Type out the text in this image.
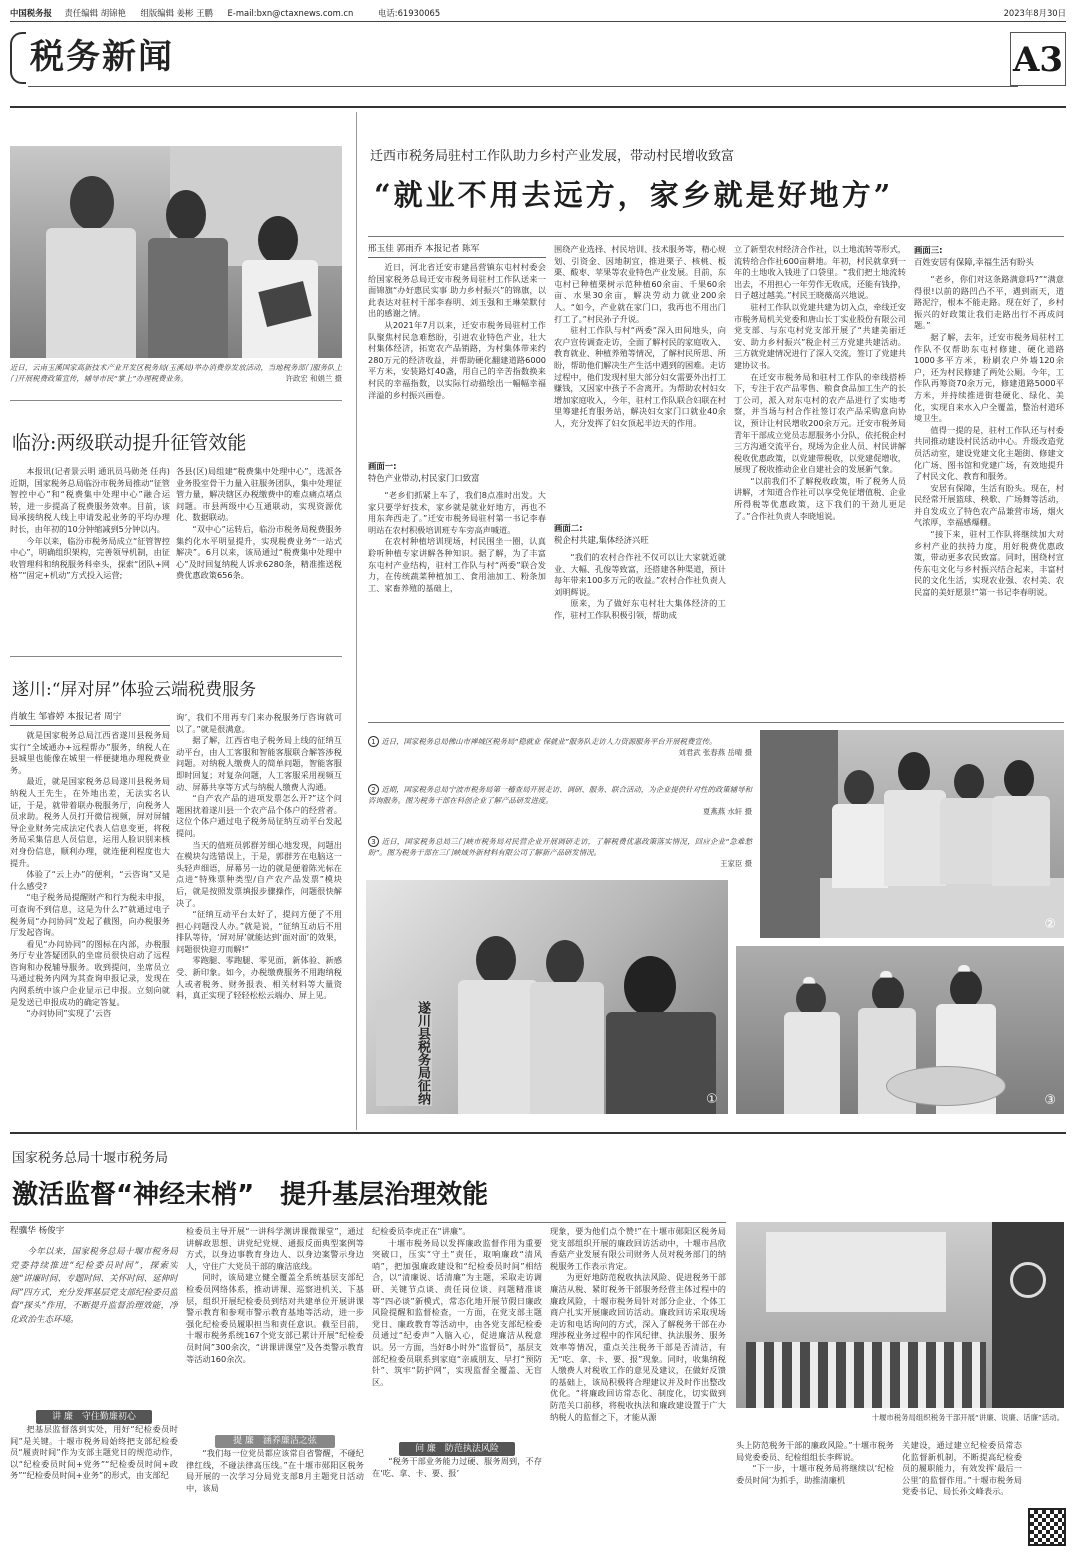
中国税务报 责任编辑 胡锦艳 组版编辑 姜彬 王鹏 E-mail:bxn@ctaxnews.com.cn	电话:61930065	2023年8月30日
税务新闻	A3
近日，云南玉溪国家高新技术产业开发区税务局(玉溪局)举办消费券发放活动，当地税务部门服务队上门开展税费政策宣传，辅导市民“掌上”办理税费业务。	许政宏 和娟兰 摄
临汾:两级联动提升征管效能

本报讯(记者景云明 通讯员马勋尧 任冉)近期，国家税务总局临汾市税务局推动“征管智控中心”和“税费集中处理中心”融合运转，进一步提高了税费服务效率。目前，该局承接纳税人线上申请发起业务的平均办理时长，由年初的10分钟缩减到5分钟以内。

今年以来，临汾市税务局成立“征管智控中心”，明确组织架构，完善领导机制，由征收管理科和纳税服务科牵头，探索“团队+网格”“固定+机动”方式投入运营;

各县(区)局组建“税费集中处理中心”，选派各业务股室骨干力量入驻服务团队，集中处理征管力量，解决辖区办税缴费中的难点痛点堵点问题。市县两级中心互通联动，实现资源优化、数据联动。

“双中心”运转后，临汾市税务局税费服务集约化水平明显提升，实现税费业务“一站式解决”。6月以来，该局通过“税费集中处理中心”及时回复纳税人诉求6280条，精准推送税费优惠政策656条。

遂川:“屏对屏”体验云端税费服务
肖敏生 邹睿婷 本报记者 周宁

就是国家税务总局江西省遂川县税务局实行“全域通办+远程帮办”服务，纳税人在县城里也能像在城里一样便捷地办理税费业务。

最近，就是国家税务总局遂川县税务局纳税人王先生，在外地出差，无法实名认证，于是，就带着联办税服务厅，向税务人员求助。税务人员打开微信视频，屏对屏辅导企业财务完成法定代表人信息变更，将税务局采集信息人员信息，运用人脸识别来核对身份信息，顺利办理，就连便利程度也大提升。

体验了“云上办”的便利，“云咨询”又是什么感受?

“电子税务局提醒财产和行为税未申报，可查询不到信息，这是为什么?”就通过电子税务局“办问协同”发起了截图，向办税服务厅发起咨询。

看见“办问协同”的图标在内部，办税服务厅专业答疑团队的坐席员很快启动了远程咨询和办税辅导服务。收到提问，坐席员立马通过税务内网为其查询申报记录，发现在内网系统中该户企业显示已申报。立刻向就是发送已申报成功的确定答复。

“办问协同”实现了‘云咨

询’，我们不用再专门来办税服务厅咨询就可以了。”就是很满意。

据了解，江西省电子税务局上线的征纳互动平台，由人工客服和智能客服联合解答涉税问题。对纳税人缴费人的简单问题，智能客服即时回复；对复杂问题，人工客服采用视频互动、屏幕共享等方式与纳税人缴费人沟通。

“自产农产品的进项发票怎么开?”这个问题困扰着遂川县一个农产品个体户的经营者。这位个体户通过电子税务局征纳互动平台发起提问。

当天的值班员郭群芳细心地发现，问题出在模块勾选错误上，于是，郭群芳在电脑这一头轻声细语，屏幕另一边的就是便着陈光标在点进“特殊票种类型/自产农产品发票”模块后，就是按照发票填报步骤操作，问题很快解决了。

“征纳互动平台太好了，提问方便了不用担心问题没人办。”就是说，“征纳互动后不用排队等待，‘屏对屏’就能达到‘面对面’的效果，问题很快迎刃而解!”

零跑腿、零跑腿、零见面，新体验、新感受、新印象。如今，办税缴费服务不用跑纳税人或者税务、财务报表、相关材料等大量资料，真正实现了轻轻松松云端办、屏上见。

迁西市税务局驻村工作队助力乡村产业发展，带动村民增收致富
“就业不用去远方，家乡就是好地方”
邢玉佳 郭雨乔 本报记者 陈军

近日，河北省迁安市建昌营镇东屯村村委会给国家税务总局迁安市税务局驻村工作队送来一面锦旗“办好惠民实事 助力乡村振兴”的锦旗，以此表达对驻村干部李春明、刘玉强和王琳荣默付出的感谢之情。

从2021年7月以来，迁安市税务局驻村工作队聚焦村民急难愁盼，引进农业特色产业，壮大村集体经济，拓宽农产品销路，为村集体带来约280万元的经济收益，并帮助硬化翻建道路6000平方米，安装路灯40盏，用自己的辛苦指数换来村民的幸福指数，以实际行动描绘出一幅幅幸福洋溢的乡村振兴画卷。

画面一:

特色产业带动,村民家门口致富

“老乡们抓紧上车了，我们8点准时出发。大家只要学好技术，家乡就是就业好地方，再也不用东奔西走了。”迁安市税务局驻村第一书记李春明站在农村积极培训班专车旁高声喊道。

在农村种植培训现场，村民围坐一圈，认真聆听种植专家讲解各种知识。据了解，为了丰富东屯村产业结构，驻村工作队与村“两委”联合发力，在传统蔬菜种植加工、食用油加工、粉条加工、家畜养殖的基础上，

围绕产业选择、村民培训、技术服务等，精心规划、引资金、因地制宜，推进栗子、核桃、板栗、酸枣、苹果等农业特色产业发展。目前，东屯村已种植栗树示范种植60余亩、千果60余亩、水果30余亩，解决劳动力就业200余人。“如今，产业就在家门口，我再也不用出门打工了。”村民孙子升说。

驻村工作队与村“两委”深入田间地头，向农户宣传调查走访，全面了解村民的家庭收入、教育就业、种植养殖等情况，了解村民所思、所盼，帮助他们解决生产生活中遇到的困难。走访过程中，他们发现村里大部分妇女需要外出打工赚钱，又因家中孩子不舍离开。为帮助农村妇女增加家庭收入，今年，驻村工作队联合妇联在村里筹建托育服务站，解决妇女家门口就业40余人，充分发挥了妇女顶起半边天的作用。

画面二:

税企村共建,集体经济兴旺

“我们的农村合作社不仅可以让大家就近就业、大幅、孔俊等致富，还搭建各种渠道，预计每年带来100多万元的收益。”农村合作社负责人刘明辉说。

原来，为了做好东屯村壮大集体经济的工作，驻村工作队积极引领，帮助成

立了新型农村经济合作社，以土地流转等形式，流转给合作社600亩耕地。年初，村民就拿到一年的土地收入钱进了口袋里。“我们把土地流转出去，不用担心一年劳作无收成，还能有钱挣，日子越过越美。”村民王晓薇高兴地说。

驻村工作队以党建共建为切入点，牵线迁安市税务局机关党委和唐山长丁实业股份有限公司党支部、与东屯村党支部开展了“共建美丽迁安、助力乡村振兴”税企村三方党建共建活动。三方就党建情况进行了深入交流，签订了党建共建协议书。

在迁安市税务局和驻村工作队的牵线搭桥下，专注于农产品零售、粮食食品加工生产的长丁公司，派入对东屯村的农产品进行了实地考察，并当场与村合作社签订农产品采购意向协议，预计让村民增收200余万元。迁安市税务局青年干部成立党员志愿服务小分队，依托税企村三方沟通交流平台，现场为企业人员、村民讲解税收优惠政策，以党建带税收，以党建促增收，展现了税收推动企业自建社会的发展新气象。

“以前我们不了解税收政策，听了税务人员讲解，才知道合作社可以享受免征增值税、企业所得税等优惠政策，这下我们的干劲儿更足了。”合作社负责人李晓旭说。

画面三:

百姓安居有保障,幸福生活有盼头

“老乡，你们对这条路满意吗?”“满意得很!以前的路凹凸不平，遇到雨天，道路泥泞，根本不能走路。现在好了，乡村振兴的好政策让我们走路出行不再成问题。”

据了解，去年，迁安市税务局驻村工作队不仅帮助东屯村修建、硬化道路1000多平方米，粉刷农户外墙120余户，还为村民修建了两处公厕。今年，工作队再筹资70余万元，修建道路5000平方米，并持续推进街巷硬化、绿化、美化，实现自来水入户全覆盖，整治村道环境卫生。

值得一提的是，驻村工作队还与村委共同推动建设村民活动中心。升级改造党员活动室，建设党建文化主题街、修建文化广场、图书馆和党建广场，有效地提升了村民文化、教育和服务。

安居有保障，生活有盼头。现在，村民经常开展篮球、秧歌、广场舞等活动，并自发成立了特色农产品兼营市场，烟火气浓厚，幸福感爆棚。

“接下来，驻村工作队将继续加大对乡村产业的扶持力度，用好税费优惠政策，带动更多农民致富。同时，围绕村宣传东屯文化与乡村振兴结合起来，丰富村民的文化生活，实现农业强、农村美、农民富的美好愿景!”第一书记李春明说。

1 近日，国家税务总局佛山市禅城区税务局“稳就业 保就业”服务队走访人力资源服务平台开展税费宣传。
刘君武 张春燕 岳晴 摄
2 近期，国家税务总局宁波市税务局第一稽查局开展走访、调研、服务、联合活动，为企业提供针对性的政策辅导和咨询服务。图为税务干部在科创企业了解产品研发进度。
夏燕燕 水轩 摄
3 近日，国家税务总局三门峡市税务局对民营企业开展调研走访，了解税费优惠政策落实情况，回应企业“急难愁盼”。图为税务干部在三门峡域外新材料有限公司了解新产品研发情况。
王家臣 摄
遂川县税务局征纳	①
②
③
国家税务总局十堰市税务局
激活监督“神经末梢”　提升基层治理效能
程骥华 杨俊宇
今年以来，国家税务总局十堰市税务局党委持续推进“纪检委员时间”，探索实施“讲廉时间、专题时间、关怀时间、延伸时间”四方式，充分发挥基层党支部纪检委员监督“探头”作用，不断提升监督治理效能，净化政治生态环境。
讲 廉　守住勤廉初心

把基层监督落到实处，用好“纪检委员时间”是关键。十堰市税务局始终把支部纪检委员“履责时间”作为支部主题党日的规范动作，以“纪检委员时间+党务”“纪检委员时间+政务”“纪检委员时间+业务”的形式，由支部纪

检委员主导开展“一讲科学测讲课微课堂”，通过讲解政思想、讲党纪党规、通报反面典型案例等方式，以身边事教育身边人、以身边案警示身边人，守住广大党员干部的廉洁底线。

同时，该局建立健全覆盖全系统基层支部纪检委员网络体系，推动讲课、巡察进机关、下基层，组织开展纪检委员到结对共建单位开展讲课警示教育和参观市警示教育基地等活动，进一步强化纪检委员履职担当和责任意识。截至目前，十堰市税务系统167个党支部已累计开展“纪检委员时间”300余次，“讲课讲课堂”及各类警示教育等活动160余次。

提 廉　涵养廉洁之弦

“我们每一位党员都应该常自省警醒，不碰纪律红线，不碰法律高压线。”在十堰市郧阳区税务局开展的一次学习分局党支部8月主题党日活动中，该局

纪检委员李虎正在“讲廉”。

十堰市税务局以发挥廉政监督作用为重要突破口，压实“守土”责任，取响廉政“清风哨”，把加强廉政建设和“纪检委员时间”相结合，以“清廉说、话清廉”为主题，采取走访调研、关键节点谈、责任岗位谈、问题精准谈等“四必谈”新模式，常态化地开展节假日廉政风险提醒和监督检查，一方面，在党支部主题党日、廉政教育等活动中，由各党支部纪检委员通过“纪委声”入脑入心，促进廉洁从税意识。另一方面，当好8小时外“监督员”，基层支部纪检委员联系到家庭“亲戚朋友、早打“预防针”、筑牢“防护网”，实现监督全覆盖、无盲区。

问 廉　防范执法风险

“税务干部业务能力过硬、服务周到，不存在‘吃、拿、卡、要、报’

现象，要为他们点个赞!”在十堰市郧阳区税务局党支部组织开展的廉政回访活动中，十堰市昌欣香菇产业发展有限公司财务人员对税务部门的纳税服务工作表示肯定。

为更好地防范税收执法风险、促进税务干部廉洁从税、紧盯税务干部服务经营主体过程中的廉政风险，十堰市税务局针对部分企业、个体工商户扎实开展廉政回访活动。廉政回访采取现场走访和电话询问的方式，深入了解税务干部在办理涉税业务过程中的作风纪律、执法服务、服务效率等情况，重点关注税务干部是否清洁，有无“吃、拿、卡、要、报”现象。同时，收集纳税人缴费人对税收工作的意见及建议，在做好反馈的基础上，该局积极将合理建议并及时作出整改优化。“将廉政回访常态化、制度化，切实做到防范关口前移，将税收执法和廉政建设置于广大纳税人的监督之下，才能从源	十堰市税务局组织税务干部开展“讲廉、说廉、话廉”活动。

头上防范税务干部的廉政风险。”十堰市税务局党委委员、纪检组组长李辉说。

“下一步，十堰市税务局将继续以‘纪检委员时间’为抓手，助推清廉机

关建设，通过建立纪检委员常态化监督新机制，不断提高纪检委员的履职能力，有效发挥‘最后一公里’的监督作用。”十堰市税务局党委书记、局长孙文峰表示。
